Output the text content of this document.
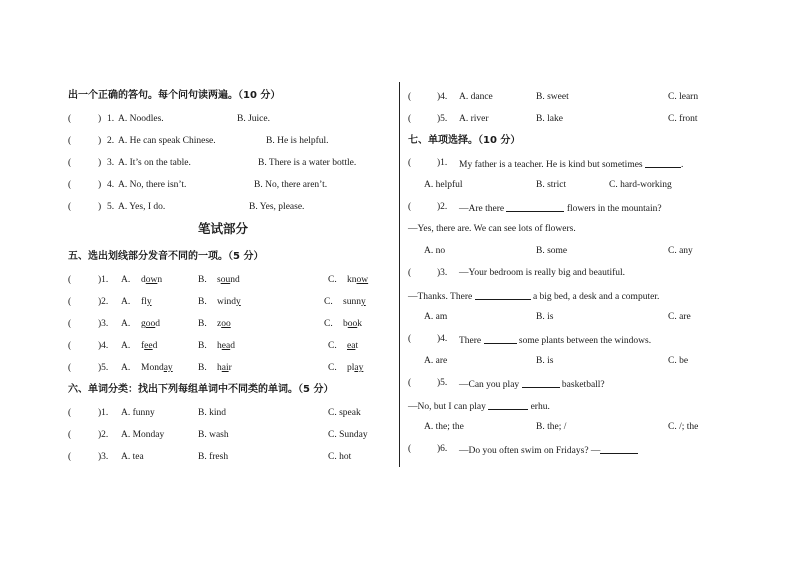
出一个正确的答句。每个问句读两遍。（10 分）
(	) 1. A. Noodles.	B. Juice.
(	) 2. A. He can speak Chinese.	B. He is helpful.
(	) 3. A. It’s on the table.	B. There is a water bottle.
(	) 4. A. No, there isn’t.	B. No, there aren’t.
(	) 5. A. Yes, I do.	B. Yes, please.
笔试部分
五、选出划线部分发音不同的一项。（5 分）
(	)1. A. down	B. sound	C. know
(	)2. A. fly	B. windy	C. sunny
(	)3. A. good	B. zoo	C. book
(	)4. A. feed	B. head	C. eat
(	)5. A. Monday	B. hair	C. play
六、单词分类：找出下列每组单词中不同类的单词。（5 分）
(	)1. A. funny	B. kind	C. speak
(	)2. A. Monday	B. wash	C. Sunday
(	)3. A. tea	B. fresh	C. hot
(	)4. A. dance	B. sweet	C. learn
(	)5. A. river	B. lake	C. front
七、单项选择。（10 分）
(	)1. My father is a teacher. He is kind but sometimes	.
A. helpful	B. strict	C. hard-working
(	)2. —Are there	flowers in the mountain?
—Yes, there are. We can see lots of flowers.
A. no	B. some	C. any
(	)3. —Your bedroom is really big and beautiful.
—Thanks. There	a big bed, a desk and a computer.
A. am	B. is	C. are
(	)4. There	some plants between the windows.
A. are	B. is	C. be
(	)5. —Can you play	basketball?
—No, but I can play	erhu.
A. the; the	B. the; /	C. /; the
(	)6. —Do you often swim on Fridays? —
